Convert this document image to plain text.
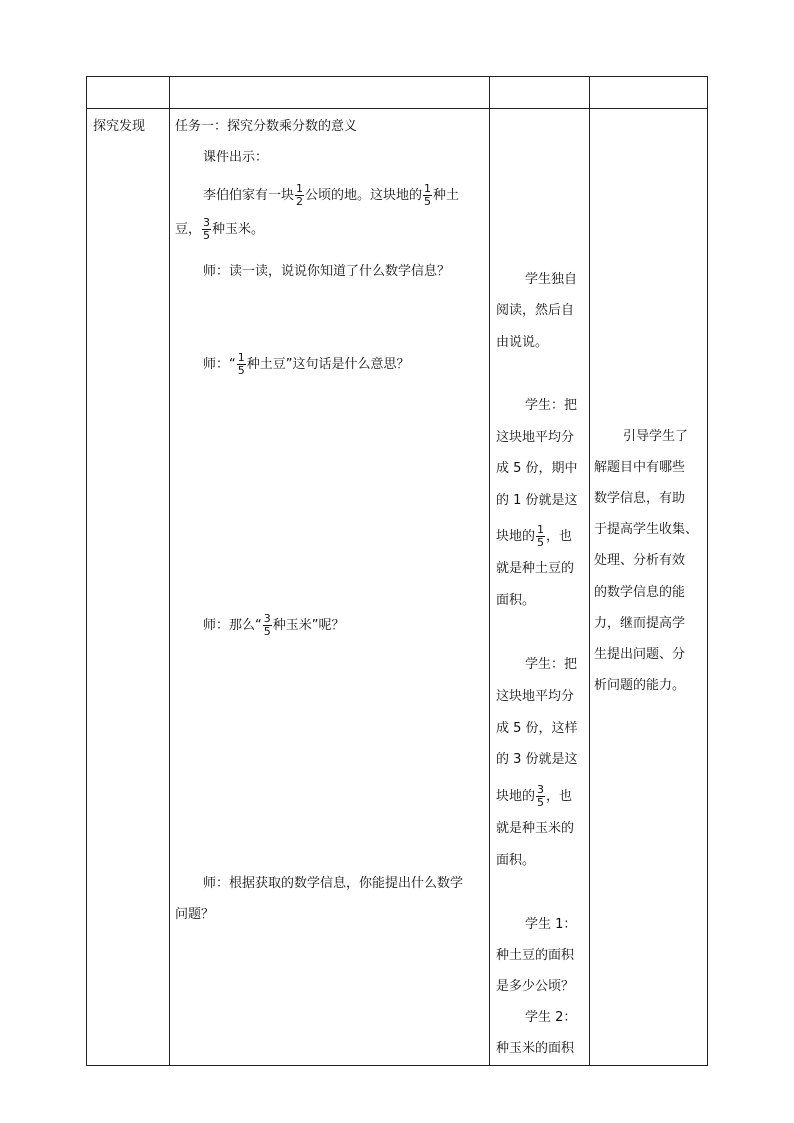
探究发现 任务一：探究分数乘分数的意义
课件出示：
李伯伯家有一块 $\frac{1}{2}$ 公顷的地。这块地的 $\frac{1}{5}$ 种土
豆， $\frac{3}{5}$ 种玉米。
师：读一读，说说你知道了什么数学信息？
师：“ $\frac{1}{5}$ 种土豆”这句话是什么意思？
师：那么“ $\frac{3}{5}$ 种玉米”呢？
师：根据获取的数学信息，你能提出什么数学
问题？
学生独自
阅读，然后自
由说说。
学生：把
这块地平均分
成 5 份，期中
的 1 份就是这
块地的 $\frac{1}{5}$ ，也
就是种土豆的
面积。
学生：把
这块地平均分
成 5 份，这样
的 3 份就是这
块地的 $\frac{3}{5}$ ，也
就是种玉米的
面积。
学生 1：
种土豆的面积
是多少公顷？
学生 2：
种玉米的面积
引导学生了
解题目中有哪些
数学信息，有助
于提高学生收集、
处理、分析有效
的数学信息的能
力，继而提高学
生提出问题、分
析问题的能力。
